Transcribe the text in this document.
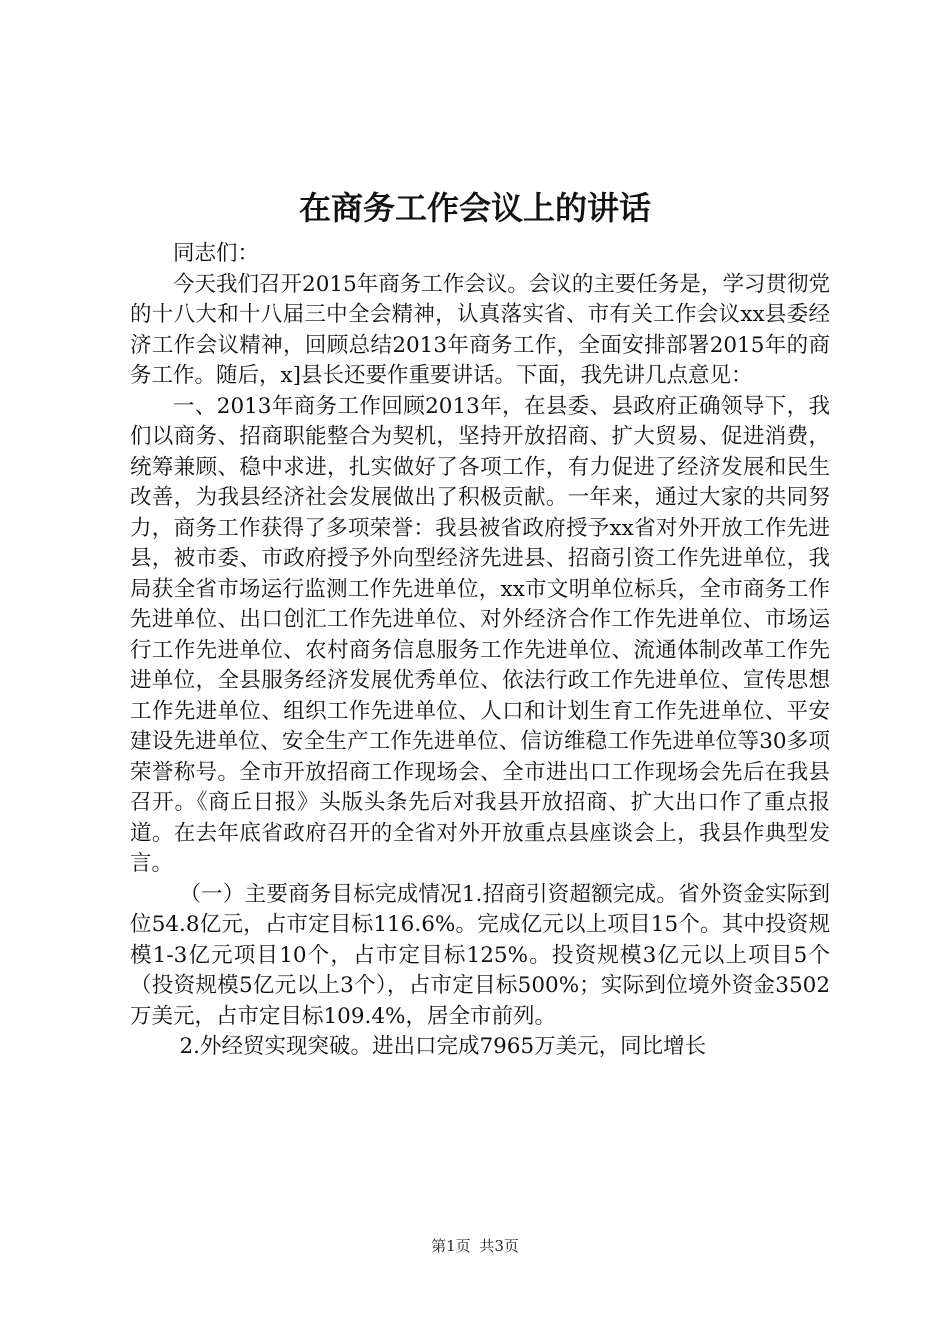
在商务工作会议上的讲话

同志们：

今天我们召开2015年商务工作会议。会议的主要任务是，学习贯彻党的十八大和十八届三中全会精神，认真落实省、市有关工作会议xx县委经济工作会议精神，回顾总结2013年商务工作，全面安排部署2015年的商务工作。随后，x]县长还要作重要讲话。下面，我先讲几点意见：

一、2013年商务工作回顾2013年，在县委、县政府正确领导下，我们以商务、招商职能整合为契机，坚持开放招商、扩大贸易、促进消费，统筹兼顾、稳中求进，扎实做好了各项工作，有力促进了经济发展和民生改善，为我县经济社会发展做出了积极贡献。一年来，通过大家的共同努力，商务工作获得了多项荣誉：我县被省政府授予xx省对外开放工作先进县，被市委、市政府授予外向型经济先进县、招商引资工作先进单位，我局获全省市场运行监测工作先进单位，xx市文明单位标兵，全市商务工作先进单位、出口创汇工作先进单位、对外经济合作工作先进单位、市场运行工作先进单位、农村商务信息服务工作先进单位、流通体制改革工作先进单位，全县服务经济发展优秀单位、依法行政工作先进单位、宣传思想工作先进单位、组织工作先进单位、人口和计划生育工作先进单位、平安建设先进单位、安全生产工作先进单位、信访维稳工作先进单位等30多项荣誉称号。全市开放招商工作现场会、全市进出口工作现场会先后在我县召开。《商丘日报》头版头条先后对我县开放招商、扩大出口作了重点报道。在去年底省政府召开的全省对外开放重点县座谈会上，我县作典型发言。

（一）主要商务目标完成情况1.招商引资超额完成。省外资金实际到位54.8亿元，占市定目标116.6%。完成亿元以上项目15个。其中投资规模1-3亿元项目10个，占市定目标125%。投资规模3亿元以上项目5个（投资规模5亿元以上3个），占市定目标500%；实际到位境外资金3502万美元，占市定目标109.4%，居全市前列。

2.外经贸实现突破。进出口完成7965万美元，同比增长

第1页 共3页
